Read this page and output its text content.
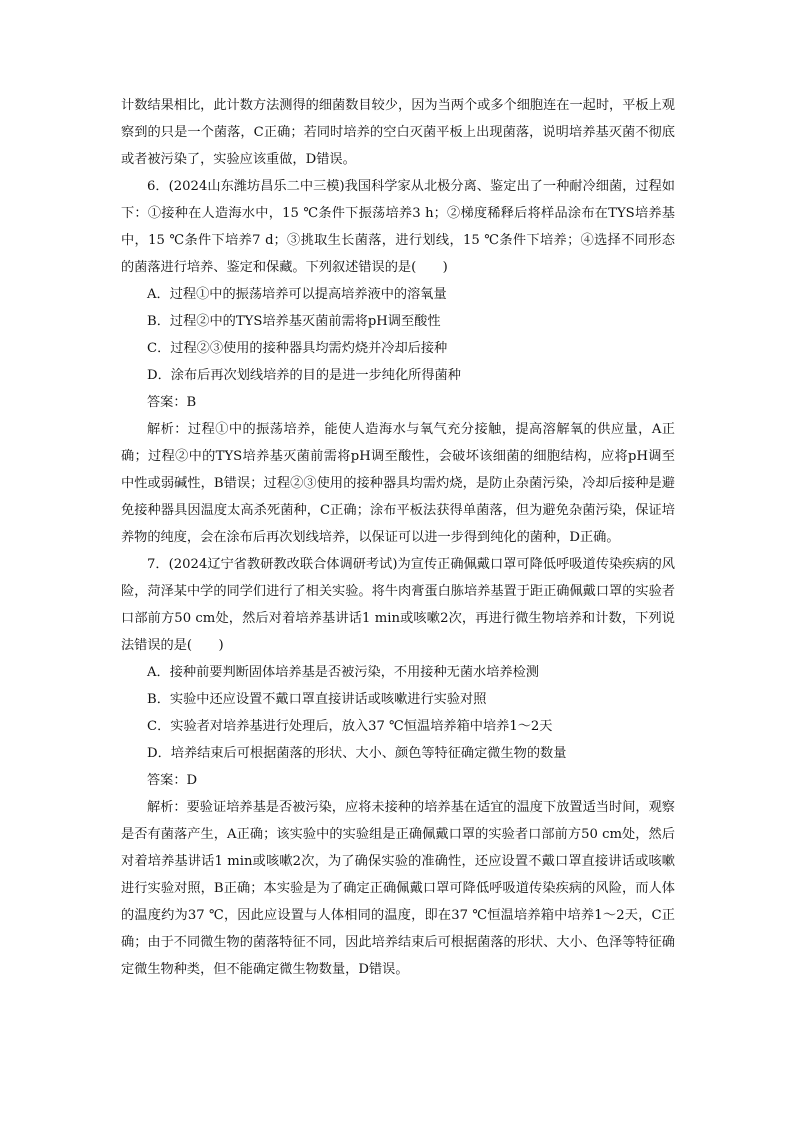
计数结果相比，此计数方法测得的细菌数目较少，因为当两个或多个细胞连在一起时，平板上观察到的只是一个菌落，C正确；若同时培养的空白灭菌平板上出现菌落，说明培养基灭菌不彻底或者被污染了，实验应该重做，D错误。

6．(2024山东潍坊昌乐二中三模)我国科学家从北极分离、鉴定出了一种耐冷细菌，过程如下：①接种在人造海水中，15 ℃条件下振荡培养3 h；②梯度稀释后将样品涂布在TYS培养基中，15 ℃条件下培养7 d；③挑取生长菌落，进行划线，15 ℃条件下培养；④选择不同形态的菌落进行培养、鉴定和保藏。下列叙述错误的是(　　)

A．过程①中的振荡培养可以提高培养液中的溶氧量

B．过程②中的TYS培养基灭菌前需将pH调至酸性

C．过程②③使用的接种器具均需灼烧并冷却后接种

D．涂布后再次划线培养的目的是进一步纯化所得菌种

答案：B

解析：过程①中的振荡培养，能使人造海水与氧气充分接触，提高溶解氧的供应量，A正确；过程②中的TYS培养基灭菌前需将pH调至酸性，会破坏该细菌的细胞结构，应将pH调至中性或弱碱性，B错误；过程②③使用的接种器具均需灼烧，是防止杂菌污染，冷却后接种是避免接种器具因温度太高杀死菌种，C正确；涂布平板法获得单菌落，但为避免杂菌污染，保证培养物的纯度，会在涂布后再次划线培养，以保证可以进一步得到纯化的菌种，D正确。

7．(2024辽宁省教研教改联合体调研考试)为宣传正确佩戴口罩可降低呼吸道传染疾病的风险，菏泽某中学的同学们进行了相关实验。将牛肉膏蛋白胨培养基置于距正确佩戴口罩的实验者口部前方50 cm处，然后对着培养基讲话1 min或咳嗽2次，再进行微生物培养和计数，下列说法错误的是(　　)

A．接种前要判断固体培养基是否被污染，不用接种无菌水培养检测

B．实验中还应设置不戴口罩直接讲话或咳嗽进行实验对照

C．实验者对培养基进行处理后，放入37 ℃恒温培养箱中培养1～2天

D．培养结束后可根据菌落的形状、大小、颜色等特征确定微生物的数量

答案：D

解析：要验证培养基是否被污染，应将未接种的培养基在适宜的温度下放置适当时间，观察是否有菌落产生，A正确；该实验中的实验组是正确佩戴口罩的实验者口部前方50 cm处，然后对着培养基讲话1 min或咳嗽2次，为了确保实验的准确性，还应设置不戴口罩直接讲话或咳嗽进行实验对照，B正确；本实验是为了确定正确佩戴口罩可降低呼吸道传染疾病的风险，而人体的温度约为37 ℃，因此应设置与人体相同的温度，即在37 ℃恒温培养箱中培养1～2天，C正确；由于不同微生物的菌落特征不同，因此培养结束后可根据菌落的形状、大小、色泽等特征确定微生物种类，但不能确定微生物数量，D错误。
